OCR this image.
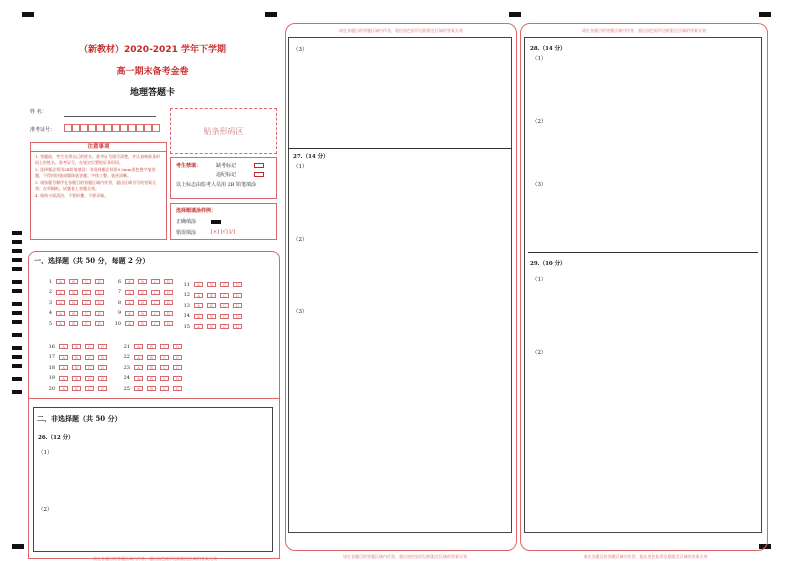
（新教材）2020-2021 学年下学期
高一期末备考金卷
地理答题卡
姓 名：
准考证号：	贴条形码区
注意事项
1. 答题前，考生先将自己的姓名、准考证号填写清楚，并认真核准条形码上的姓名、准考证号，在规定位置贴好条形码。
2. 选择题必须用2B铅笔填涂；非选择题必须用0.5mm黑色签字笔答题，不得用铅笔或圆珠笔答题；字体工整、笔迹清晰。
3. 请按题号顺序在各题目的答题区域内作答，超出区域书写的答案无效；在草稿纸、试题卷上答题无效。
4. 保持卡面清洁，不要折叠、不要弄破。
考生禁填：	缺考标记
违纪标记
以上标志由监考人员用 2B 铅笔填涂
选择题填涂样例：
正确填涂
错误填涂	[×] [√] [/]
一、选择题（共 50 分，每题 2 分）
1	A	B	C	D
2	A	B	C	D
3	A	B	C	D
4	A	B	C	D
5	A	B	C	D
6	A	B	C	D
7	A	B	C	D
8	A	B	C	D
9	A	B	C	D
10	A	B	C	D
11	A	B	C	D
12	A	B	C	D
13	A	B	C	D
14	A	B	C	D
15	A	B	C	D
16	A	B	C	D
17	A	B	C	D
18	A	B	C	D
19	A	B	C	D
20	A	B	C	D
21	A	B	C	D
22	A	B	C	D
23	A	B	C	D
24	A	B	C	D
25	A	B	C	D
二、非选择题（共 50 分）
26.（12 分）
（1）
（2）
请在各题目的答题区域内作答，超出黑色矩形边框限定区域的答案无效
请在各题目的答题区域内作答，超出黑色矩形边框限定区域的答案无效
（3）
27.（14 分）
（1）
（2）
（3）
请在各题目的答题区域内作答，超出黑色矩形边框限定区域的答案无效
请在各题目的答题区域内作答，超出黑色矩形边框限定区域的答案无效
28.（14 分）
（1）
（2）
（3）
29.（10 分）
（1）
（2）
请在各题目的答题区域内作答，超出黑色矩形边框限定区域的答案无效
